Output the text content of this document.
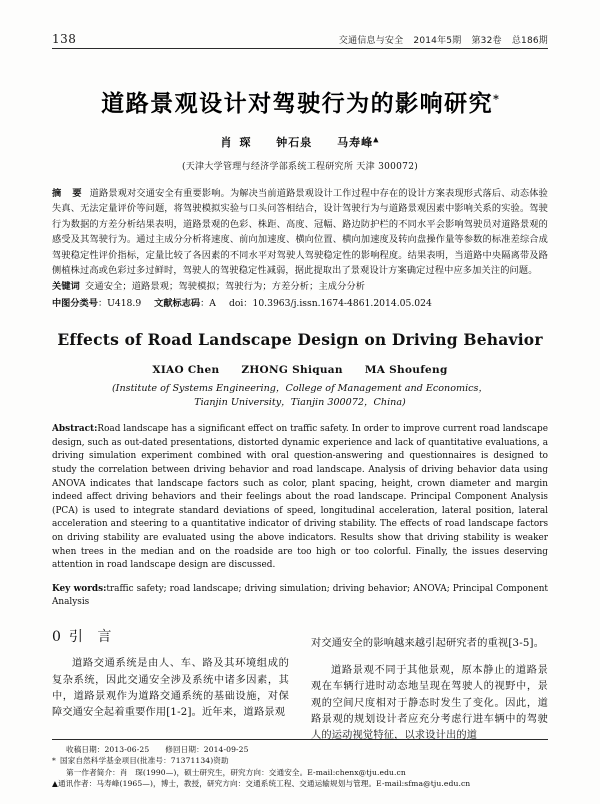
138	交通信息与安全 2014年5期 第32卷 总186期
道路景观设计对驾驶行为的影响研究*
肖 琛 钟石泉 马寿峰▲
(天津大学管理与经济学部系统工程研究所 天津 300072)
摘 要 道路景观对交通安全有重要影响。为解决当前道路景观设计工作过程中存在的设计方案表现形式落后、动态体验失真、无法定量评价等问题，将驾驶模拟实验与口头问答相结合，设计驾驶行为与道路景观因素中影响关系的实验。驾驶行为数据的方差分析结果表明，道路景观的色彩、株距、高度、冠幅、路边防护栏的不同水平会影响驾驶员对道路景观的感受及其驾驶行为。通过主成分分析将速度、前向加速度、横向位置、横向加速度及转向盘操作量等参数的标准差综合成驾驶稳定性评价指标，定量比较了各因素的不同水平对驾驶人驾驶稳定性的影响程度。结果表明，当道路中央隔离带及路侧植株过高或色彩过多过鲜时，驾驶人的驾驶稳定性减弱，据此提取出了景观设计方案确定过程中应多加关注的问题。
关键词 交通安全；道路景观；驾驶模拟；驾驶行为；方差分析；主成分分析
中图分类号：U418.9 文献标志码：A doi：10.3963/j.issn.1674-4861.2014.05.024
Effects of Road Landscape Design on Driving Behavior
XIAO Chen ZHONG Shiquan MA Shoufeng
(Institute of Systems Engineering，College of Management and Economics，
Tianjin University，Tianjin 300072，China)
Abstract:Road landscape has a significant effect on traffic safety. In order to improve current road landscape design, such as out-dated presentations, distorted dynamic experience and lack of quantitative evaluations, a driving simulation experiment combined with oral question-answering and questionnaires is designed to study the correlation between driving behavior and road landscape. Analysis of driving behavior data using ANOVA indicates that landscape factors such as color, plant spacing, height, crown diameter and margin indeed affect driving behaviors and their feelings about the road landscape. Principal Component Analysis (PCA) is used to integrate standard deviations of speed, longitudinal acceleration, lateral position, lateral acceleration and steering to a quantitative indicator of driving stability. The effects of road landscape factors on driving stability are evaluated using the above indicators. Results show that driving stability is weaker when trees in the median and on the roadside are too high or too colorful. Finally, the issues deserving attention in road landscape design are discussed.
Key words:traffic safety; road landscape; driving simulation; driving behavior; ANOVA; Principal Component Analysis
0 引 言

道路交通系统是由人、车、路及其环境组成的复杂系统，因此交通安全涉及系统中诸多因素，其中，道路景观作为道路交通系统的基础设施，对保障交通安全起着重要作用[1-2]。近年来，道路景观

对交通安全的影响越来越引起研究者的重视[3-5]。

道路景观不同于其他景观，原本静止的道路景观在车辆行进时动态地呈现在驾驶人的视野中，景观的空间尺度相对于静态时发生了变化。因此，道路景观的规划设计者应充分考虑行进车辆中的驾驶人的运动视觉特征，以求设计出的道

收稿日期：2013-06-25 修回日期：2014-09-25
* 国家自然科学基金项目(批准号：71371134)资助
第一作者简介：肖　琛(1990—)，硕士研究生，研究方向：交通安全。E-mail:chenx@tju.edu.cn
▲通讯作者：马寿峰(1965—)，博士，教授，研究方向：交通系统工程、交通运输规划与管理。E-mail:sfma@tju.edu.cn
